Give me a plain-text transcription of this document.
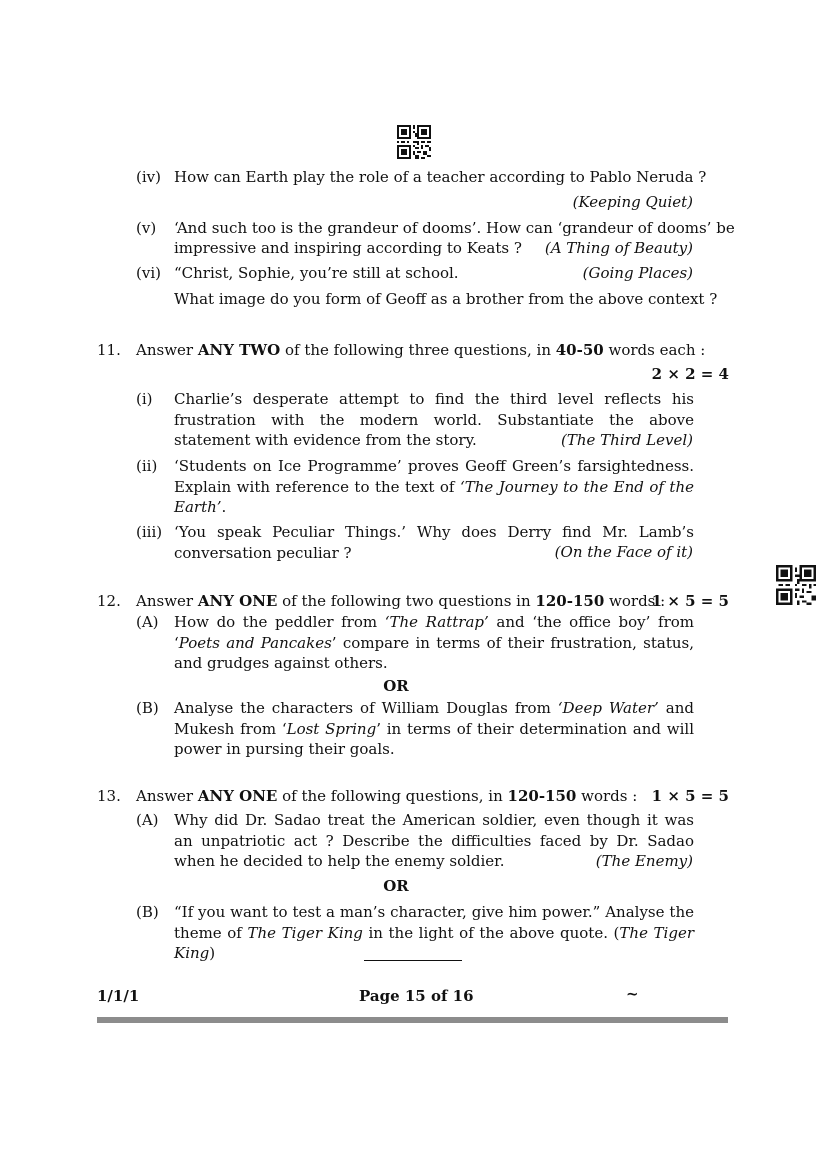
(iv) How can Earth play the role of a teacher according to Pablo Neruda ?
(Keeping Quiet)
(v) ‘And such too is the grandeur of dooms’. How can ‘grandeur of dooms’ be
impressive and inspiring according to Keats ? (A Thing of Beauty)
(vi) “Christ, Sophie, you’re still at school.	(Going Places)
What image do you form of Geoff as a brother from the above context ?
11. Answer ANY TWO of the following three questions, in 40-50 words each :
2 × 2 = 4
(i) Charlie’s desperate attempt to find the third level reflects his frustration with the modern world. Substantiate the above statement with evidence from the story.	(The Third Level)
(ii) ‘Students on Ice Programme’ proves Geoff Green’s farsightedness. Explain with reference to the text of ‘The Journey to the End of the Earth’.
(iii) ‘You speak Peculiar Things.’ Why does Derry find Mr. Lamb’s conversation peculiar ?	(On the Face of it)
12. Answer ANY ONE of the following two questions in 120-150 words :
1 × 5 = 5
(A) How do the peddler from ‘The Rattrap’ and ‘the office boy’ from ‘Poets and Pancakes’ compare in terms of their frustration, status, and grudges against others.
OR
(B) Analyse the characters of William Douglas from ‘Deep Water’ and Mukesh from ‘Lost Spring’ in terms of their determination and will power in pursing their goals.
13. Answer ANY ONE of the following questions, in 120-150 words : 1 × 5 = 5
(A) Why did Dr. Sadao treat the American soldier, even though it was an unpatriotic act ? Describe the difficulties faced by Dr. Sadao when he decided to help the enemy soldier.	(The Enemy)
OR
(B) “If you want to test a man’s character, give him power.” Analyse the theme of The Tiger King in the light of the above quote. (The Tiger King)
1/1/1	Page 15 of 16	~
